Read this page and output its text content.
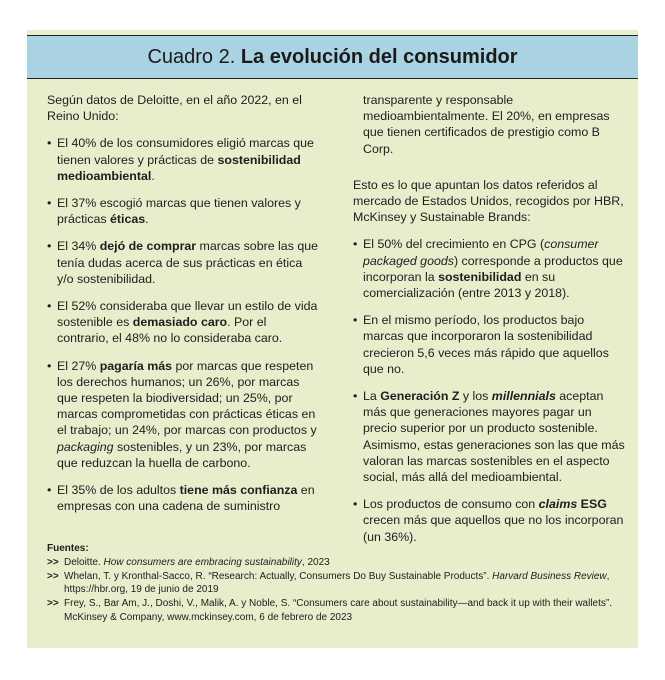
Cuadro 2. La evolución del consumidor

Según datos de Deloitte, en el año 2022, en el Reino Unido:

• El 40% de los consumidores eligió marcas que tienen valores y prácticas de sostenibilidad medioambiental.
• El 37% escogió marcas que tienen valores y prácticas éticas.
• El 34% dejó de comprar marcas sobre las que tenía dudas acerca de sus prácticas en ética y/o sostenibilidad.
• El 52% consideraba que llevar un estilo de vida sostenible es demasiado caro. Por el contrario, el 48% no lo consideraba caro.
• El 27% pagaría más por marcas que respeten los derechos humanos; un 26%, por marcas que respeten la biodiversidad; un 25%, por marcas comprometidas con prácticas éticas en el trabajo; un 24%, por marcas con productos y packaging sostenibles, y un 23%, por marcas que reduzcan la huella de carbono.
• El 35% de los adultos tiene más confianza en empresas con una cadena de suministro
transparente y responsable medioambientalmente. El 20%, en empresas que tienen certificados de prestigio como B Corp.

Esto es lo que apuntan los datos referidos al mercado de Estados Unidos, recogidos por HBR, McKinsey y Sustainable Brands:

• El 50% del crecimiento en CPG (consumer packaged goods) corresponde a productos que incorporan la sostenibilidad en su comercialización (entre 2013 y 2018).
• En el mismo período, los productos bajo marcas que incorporaron la sostenibilidad crecieron 5,6 veces más rápido que aquellos que no.
• La Generación Z y los millennials aceptan más que generaciones mayores pagar un precio superior por un producto sostenible. Asimismo, estas generaciones son las que más valoran las marcas sostenibles en el aspecto social, más allá del medioambiental.
• Los productos de consumo con claims ESG crecen más que aquellos que no los incorporan (un 36%).
Fuentes:
>> Deloitte. How consumers are embracing sustainability, 2023
>> Whelan, T. y Kronthal-Sacco, R. “Research: Actually, Consumers Do Buy Sustainable Products”. Harvard Business Review,
https://hbr.org, 19 de junio de 2019
>> Frey, S., Bar Am, J., Doshi, V., Malik, A. y Noble, S. “Consumers care about sustainability—and back it up with their wallets”.
McKinsey & Company, www.mckinsey.com, 6 de febrero de 2023
